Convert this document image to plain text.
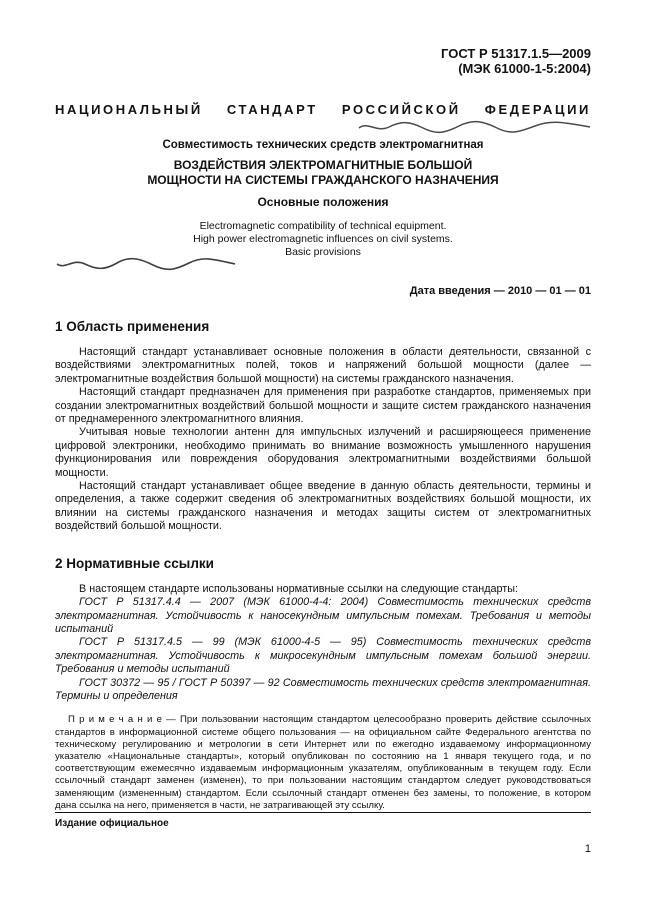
ГОСТ Р 51317.1.5—2009
(МЭК 61000-1-5:2004)
НАЦИОНАЛЬНЫЙ СТАНДАРТ РОССИЙСКОЙ ФЕДЕРАЦИИ
Совместимость технических средств электромагнитная
ВОЗДЕЙСТВИЯ ЭЛЕКТРОМАГНИТНЫЕ БОЛЬШОЙ
МОЩНОСТИ НА СИСТЕМЫ ГРАЖДАНСКОГО НАЗНАЧЕНИЯ
Основные положения
Electromagnetic compatibility of technical equipment.
High power electromagnetic influences on civil systems.
Basic provisions
Дата введения — 2010 — 01 — 01
1 Область применения

Настоящий стандарт устанавливает основные положения в области деятельности, связанной с воздействиями электромагнитных полей, токов и напряжений большой мощности (далее — электромагнитные воздействия большой мощности) на системы гражданского назначения.

Настоящий стандарт предназначен для применения при разработке стандартов, применяемых при создании электромагнитных воздействий большой мощности и защите систем гражданского назначения от преднамеренного электромагнитного влияния.

Учитывая новые технологии антенн для импульсных излучений и расширяющееся применение цифровой электроники, необходимо принимать во внимание возможность умышленного нарушения функционирования или повреждения оборудования электромагнитными воздействиями большой мощности.

Настоящий стандарт устанавливает общее введение в данную область деятельности, термины и определения, а также содержит сведения об электромагнитных воздействиях большой мощности, их влиянии на системы гражданского назначения и методах защиты систем от электромагнитных воздействий большой мощности.

2 Нормативные ссылки

В настоящем стандарте использованы нормативные ссылки на следующие стандарты:

ГОСТ Р 51317.4.4 — 2007 (МЭК 61000-4-4: 2004) Совместимость технических средств электромагнитная. Устойчивость к наносекундным импульсным помехам. Требования и методы испытаний

ГОСТ Р 51317.4.5 — 99 (МЭК 61000-4-5 — 95) Совместимость технических средств электромагнитная. Устойчивость к микросекундным импульсным помехам большой энергии. Требования и методы испытаний

ГОСТ 30372 — 95 / ГОСТ Р 50397 — 92 Совместимость технических средств электромагнитная. Термины и определения

П р и м е ч а н и е — При пользовании настоящим стандартом целесообразно проверить действие ссылочных стандартов в информационной системе общего пользования — на официальном сайте Федерального агентства по техническому регулированию и метрологии в сети Интернет или по ежегодно издаваемому информационному указателю «Национальные стандарты», который опубликован по состоянию на 1 января текущего года, и по соответствующим ежемесячно издаваемым информационным указателям, опубликованным в текущем году. Если ссылочный стандарт заменен (изменен), то при пользовании настоящим стандартом следует руководствоваться заменяющим (измененным) стандартом. Если ссылочный стандарт отменен без замены, то положение, в котором дана ссылка на него, применяется в части, не затрагивающей эту ссылку.
Издание официальное
1
